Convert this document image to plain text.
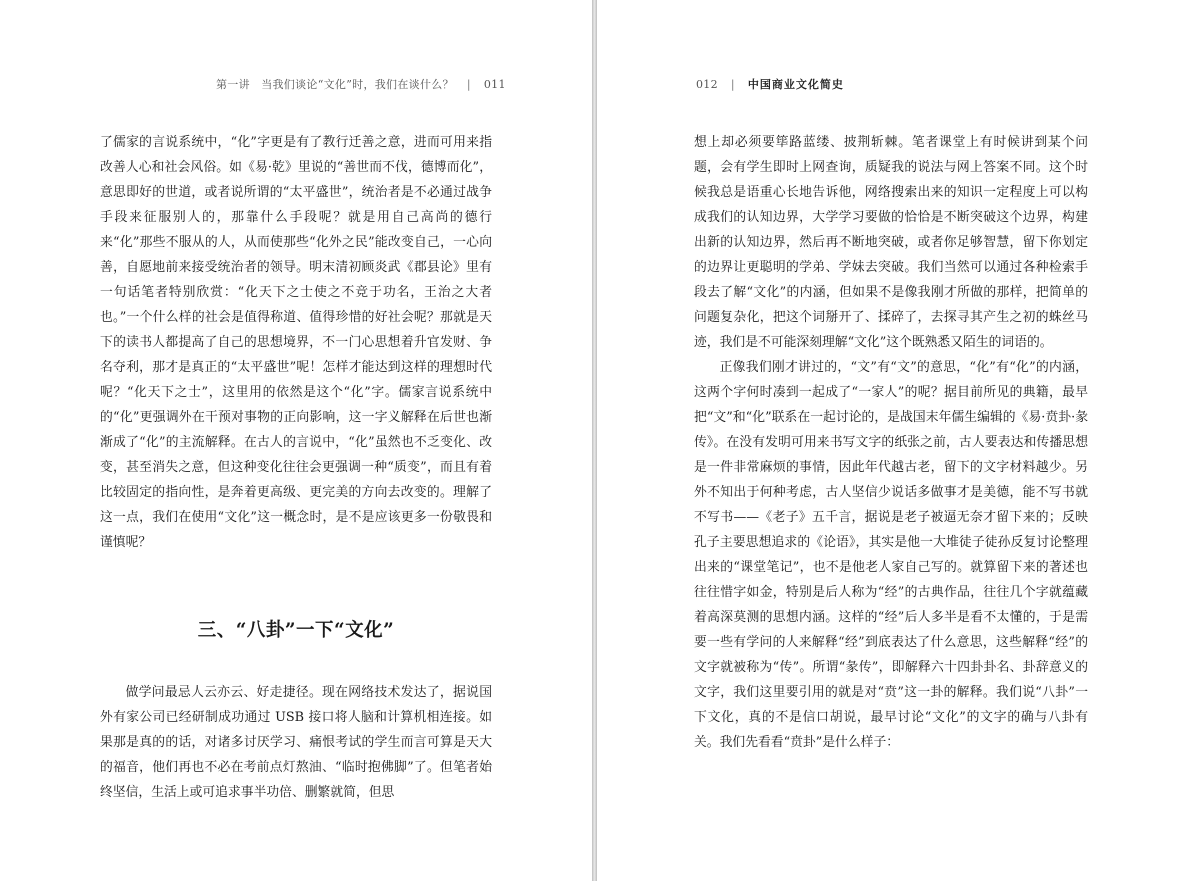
第一讲　当我们谈论“文化”时，我们在谈什么？ | 011

了儒家的言说系统中，“化”字更是有了教行迁善之意，进而可用来指改善人心和社会风俗。如《易·乾》里说的“善世而不伐，德博而化”，意思即好的世道，或者说所谓的“太平盛世”，统治者是不必通过战争手段来征服别人的，那靠什么手段呢？就是用自己高尚的德行来“化”那些不服从的人，从而使那些“化外之民”能改变自己，一心向善，自愿地前来接受统治者的领导。明末清初顾炎武《郡县论》里有一句话笔者特别欣赏：“化天下之士使之不竞于功名，王治之大者也。”一个什么样的社会是值得称道、值得珍惜的好社会呢？那就是天下的读书人都提高了自己的思想境界，不一门心思想着升官发财、争名夺利，那才是真正的“太平盛世”呢！怎样才能达到这样的理想时代呢？“化天下之士”，这里用的依然是这个“化”字。儒家言说系统中的“化”更强调外在干预对事物的正向影响，这一字义解释在后世也渐渐成了“化”的主流解释。在古人的言说中，“化”虽然也不乏变化、改变，甚至消失之意，但这种变化往往会更强调一种“质变”，而且有着比较固定的指向性，是奔着更高级、更完美的方向去改变的。理解了这一点，我们在使用“文化”这一概念时，是不是应该更多一份敬畏和谨慎呢？

三、“八卦”一下“文化”

做学问最忌人云亦云、好走捷径。现在网络技术发达了，据说国外有家公司已经研制成功通过 USB 接口将人脑和计算机相连接。如果那是真的的话，对诸多讨厌学习、痛恨考试的学生而言可算是天大的福音，他们再也不必在考前点灯熬油、“临时抱佛脚”了。但笔者始终坚信，生活上或可追求事半功倍、删繁就简，但思

012 | 中国商业文化简史

想上却必须要筚路蓝缕、披荆斩棘。笔者课堂上有时候讲到某个问题，会有学生即时上网查询，质疑我的说法与网上答案不同。这个时候我总是语重心长地告诉他，网络搜索出来的知识一定程度上可以构成我们的认知边界，大学学习要做的恰恰是不断突破这个边界，构建出新的认知边界，然后再不断地突破，或者你足够智慧，留下你划定的边界让更聪明的学弟、学妹去突破。我们当然可以通过各种检索手段去了解“文化”的内涵，但如果不是像我刚才所做的那样，把简单的问题复杂化，把这个词掰开了、揉碎了，去探寻其产生之初的蛛丝马迹，我们是不可能深刻理解“文化”这个既熟悉又陌生的词语的。

正像我们刚才讲过的，“文”有“文”的意思，“化”有“化”的内涵，这两个字何时凑到一起成了“一家人”的呢？据目前所见的典籍，最早把“文”和“化”联系在一起讨论的，是战国末年儒生编辑的《易·贲卦·彖传》。在没有发明可用来书写文字的纸张之前，古人要表达和传播思想是一件非常麻烦的事情，因此年代越古老，留下的文字材料越少。另外不知出于何种考虑，古人坚信少说话多做事才是美德，能不写书就不写书——《老子》五千言，据说是老子被逼无奈才留下来的；反映孔子主要思想追求的《论语》，其实是他一大堆徒子徒孙反复讨论整理出来的“课堂笔记”，也不是他老人家自己写的。就算留下来的著述也往往惜字如金，特别是后人称为“经”的古典作品，往往几个字就蕴藏着高深莫测的思想内涵。这样的“经”后人多半是看不太懂的，于是需要一些有学问的人来解释“经”到底表达了什么意思，这些解释“经”的文字就被称为“传”。所谓“彖传”，即解释六十四卦卦名、卦辞意义的文字，我们这里要引用的就是对“贲”这一卦的解释。我们说“八卦”一下文化，真的不是信口胡说，最早讨论“文化”的文字的确与八卦有关。我们先看看“贲卦”是什么样子：
